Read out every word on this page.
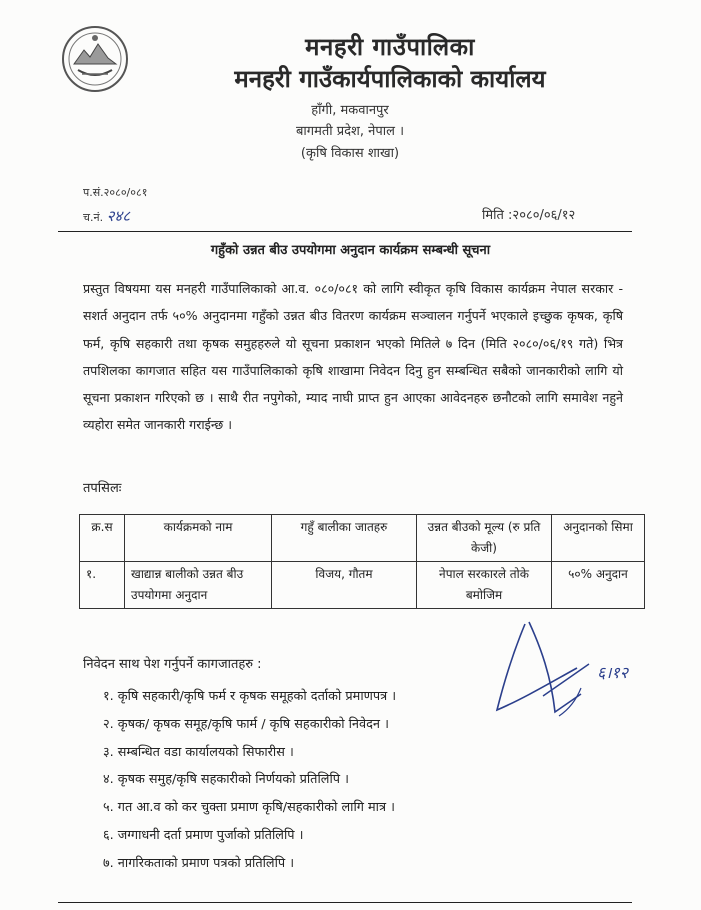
मनहरी गाउँपालिका
मनहरी गाउँकार्यपालिकाको कार्यालय
हाँगी, मकवानपुर
बागमती प्रदेश, नेपाल ।
(कृषि विकास शाखा)
प.सं.२०८०/०८१
च.नं. २४८	मिति :२०८०/०६/१२
गहुँको उन्नत बीउ उपयोगमा अनुदान कार्यक्रम सम्बन्धी सूचना
प्रस्तुत विषयमा यस मनहरी गाउँपालिकाको आ.व. ०८०/०८१ को लागि स्वीकृत कृषि विकास कार्यक्रम नेपाल सरकार - सशर्त अनुदान तर्फ ५०% अनुदानमा गहुँको उन्नत बीउ वितरण कार्यक्रम सञ्चालन गर्नुपर्ने भएकाले इच्छुक कृषक, कृषि फर्म, कृषि सहकारी तथा कृषक समुहहरुले यो सूचना प्रकाशन भएको मितिले ७ दिन (मिति २०८०/०६/१९ गते) भित्र तपशिलका कागजात सहित यस गाउँपालिकाको कृषि शाखामा निवेदन दिनु हुन सम्बन्धित सबैको जानकारीको लागि यो सूचना प्रकाशन गरिएको छ । साथै रीत नपुगेको, म्याद नाघी प्राप्त हुन आएका आवेदनहरु छनौटको लागि समावेश नहुने व्यहोरा समेत जानकारी गराईन्छ ।
तपसिलः
क्र.स	कार्यक्रमको नाम	गहुँ बालीका जातहरु	उन्नत बीउको मूल्य (रु प्रति केजी)	अनुदानको सिमा
१.	खाद्यान्न बालीको उन्नत बीउ उपयोगमा अनुदान	विजय, गौतम	नेपाल सरकारले तोके बमोजिम	५०% अनुदान
निवेदन साथ पेश गर्नुपर्ने कागजातहरु :
१. कृषि सहकारी/कृषि फर्म र कृषक समूहको दर्ताको प्रमाणपत्र ।
२. कृषक/ कृषक समूह/कृषि फार्म / कृषि सहकारीको निवेदन ।
३. सम्बन्धित वडा कार्यालयको सिफारीस ।
४. कृषक समुह/कृषि सहकारीको निर्णयको प्रतिलिपि ।
५. गत आ.व को कर चुक्ता प्रमाण कृषि/सहकारीको लागि मात्र ।
६. जग्गाधनी दर्ता प्रमाण पुर्जाको प्रतिलिपि ।
७. नागरिकताको प्रमाण पत्रको प्रतिलिपि ।
६।१२
